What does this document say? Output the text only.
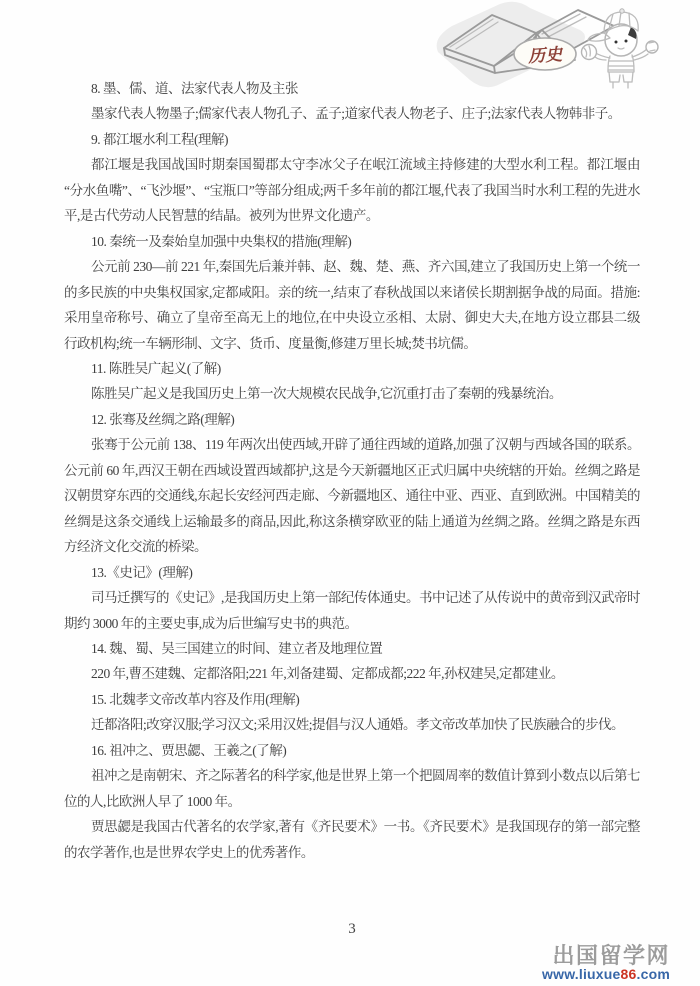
历史

8. 墨、儒、道、法家代表人物及主张

墨家代表人物墨子;儒家代表人物孔子、孟子;道家代表人物老子、庄子;法家代表人物韩非子。

9. 都江堰水利工程(理解)

都江堰是我国战国时期秦国蜀郡太守李冰父子在岷江流域主持修建的大型水利工程。都江堰由“分水鱼嘴”、“飞沙堰”、“宝瓶口”等部分组成;两千多年前的都江堰,代表了我国当时水利工程的先进水平,是古代劳动人民智慧的结晶。被列为世界文化遗产。

10. 秦统一及秦始皇加强中央集权的措施(理解)

公元前 230—前 221 年,秦国先后兼并韩、赵、魏、楚、燕、齐六国,建立了我国历史上第一个统一的多民族的中央集权国家,定都咸阳。亲的统一,结束了春秋战国以来诸侯长期割据争战的局面。措施:采用皇帝称号、确立了皇帝至高无上的地位,在中央设立丞相、太尉、御史大夫,在地方设立郡县二级行政机构;统一车辆形制、文字、货币、度量衡,修建万里长城;焚书坑儒。

11. 陈胜吴广起义(了解)

陈胜吴广起义是我国历史上第一次大规模农民战争,它沉重打击了秦朝的残暴统治。

12. 张骞及丝绸之路(理解)

张骞于公元前 138、119 年两次出使西域,开辟了通往西域的道路,加强了汉朝与西域各国的联系。公元前 60 年,西汉王朝在西域设置西域都护,这是今天新疆地区正式归属中央统辖的开始。丝绸之路是汉朝贯穿东西的交通线,东起长安经河西走廊、今新疆地区、通往中亚、西亚、直到欧洲。中国精美的丝绸是这条交通线上运输最多的商品,因此,称这条横穿欧亚的陆上通道为丝绸之路。丝绸之路是东西方经济文化交流的桥梁。

13.《史记》(理解)

司马迁撰写的《史记》,是我国历史上第一部纪传体通史。书中记述了从传说中的黄帝到汉武帝时期约 3000 年的主要史事,成为后世编写史书的典范。

14. 魏、蜀、吴三国建立的时间、建立者及地理位置

220 年,曹丕建魏、定都洛阳;221 年,刘备建蜀、定都成都;222 年,孙权建吴,定都建业。

15. 北魏孝文帝改革内容及作用(理解)

迁都洛阳;改穿汉服;学习汉文;采用汉姓;提倡与汉人通婚。孝文帝改革加快了民族融合的步伐。

16. 祖冲之、贾思勰、王羲之(了解)

祖冲之是南朝宋、齐之际著名的科学家,他是世界上第一个把圆周率的数值计算到小数点以后第七位的人,比欧洲人早了 1000 年。

贾思勰是我国古代著名的农学家,著有《齐民要术》一书。《齐民要术》是我国现存的第一部完整的农学著作,也是世界农学史上的优秀著作。

3
出国留学网
www.liuxue86.com
